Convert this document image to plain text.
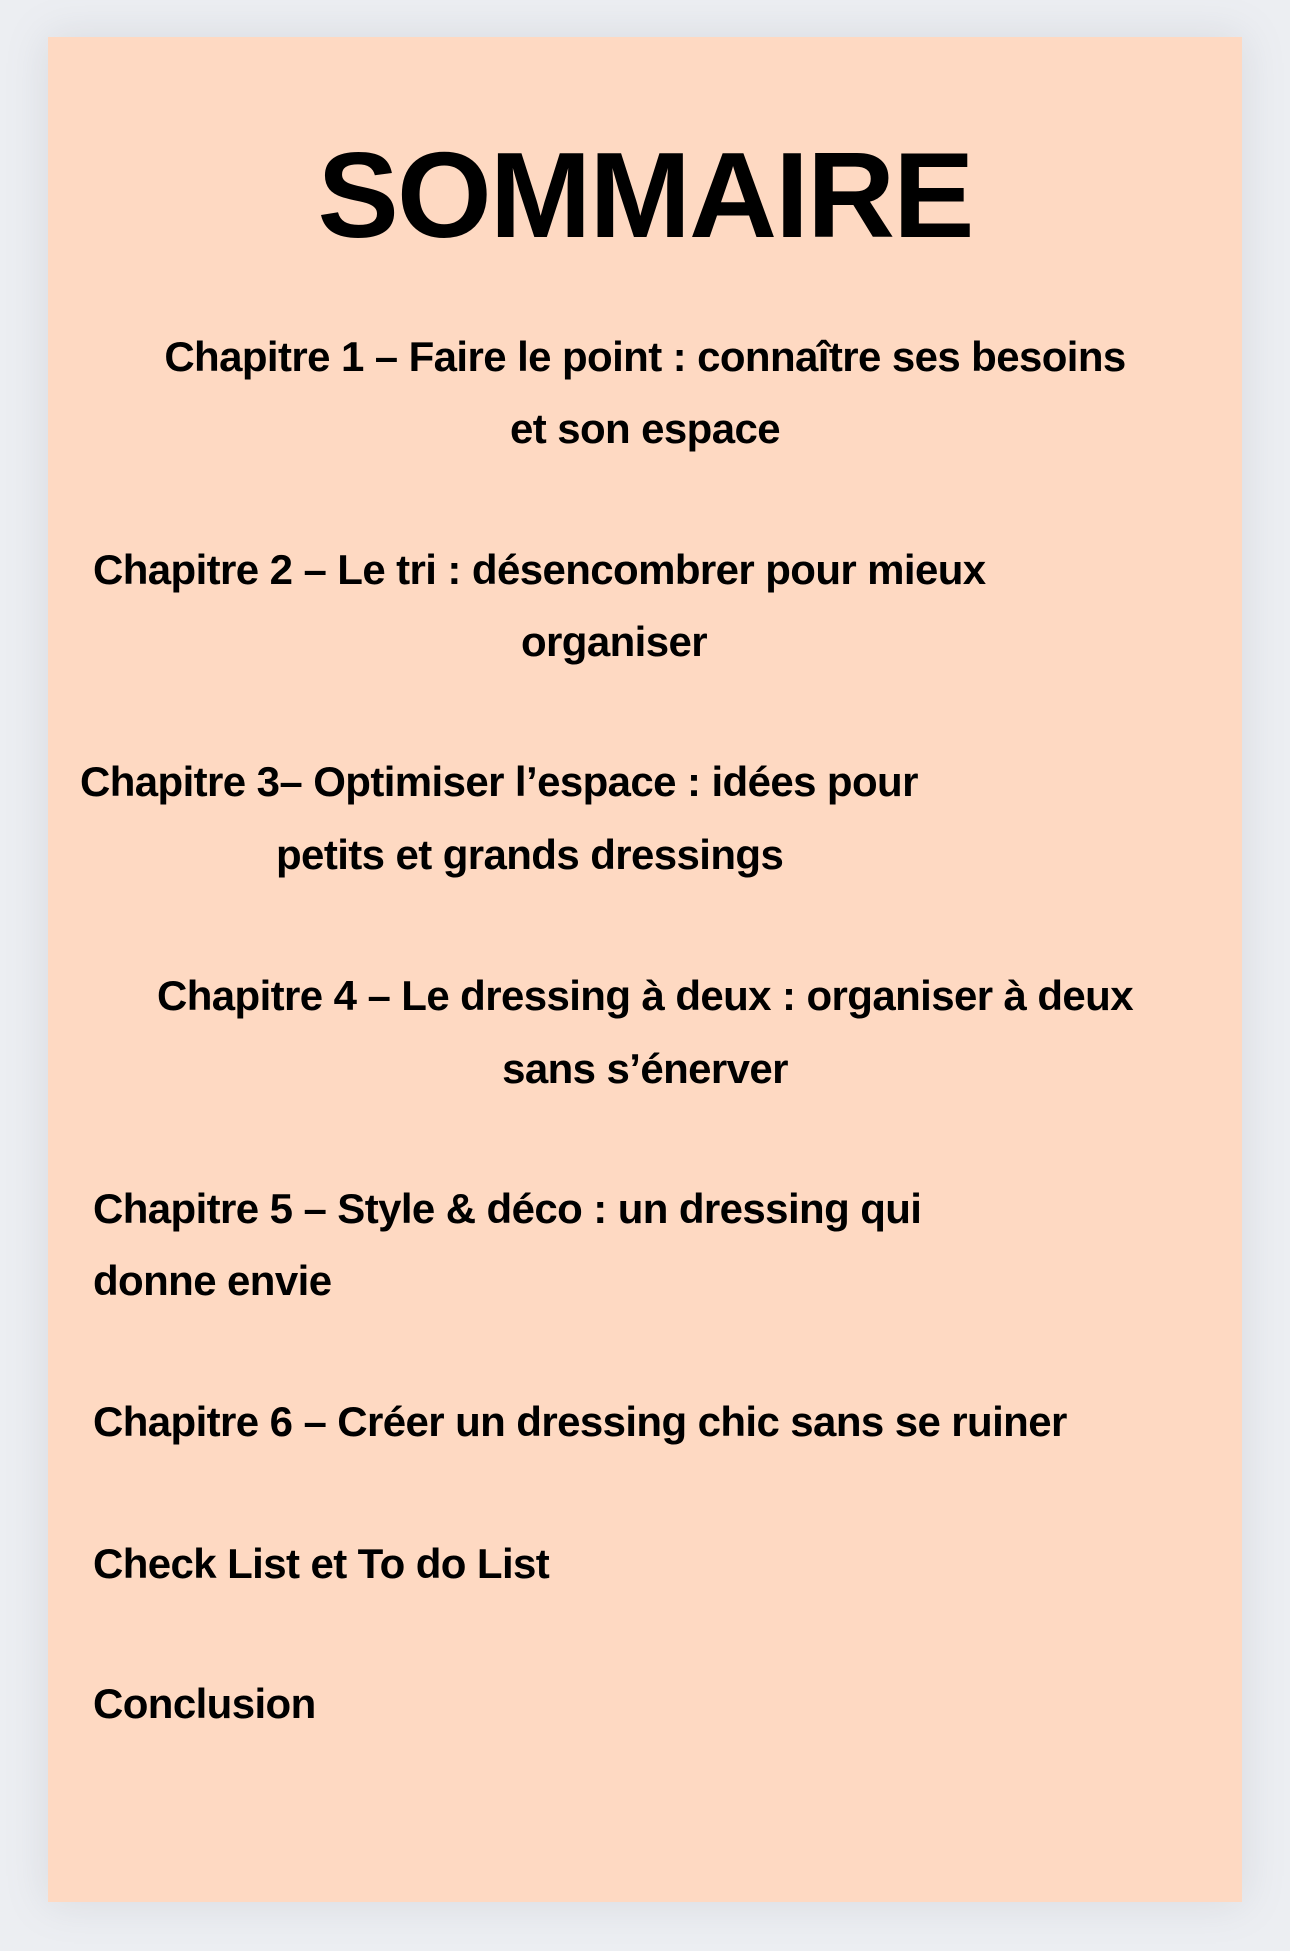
SOMMAIRE
Chapitre 1 – Faire le point : connaître ses besoins
et son espace
Chapitre 2 – Le tri : désencombrer pour mieux
organiser
Chapitre 3– Optimiser l’espace : idées pour
petits et grands dressings
Chapitre 4 – Le dressing à deux : organiser à deux
sans s’énerver
Chapitre 5 – Style & déco : un dressing qui
donne envie
Chapitre 6 – Créer un dressing chic sans se ruiner
Check List et To do List
Conclusion
